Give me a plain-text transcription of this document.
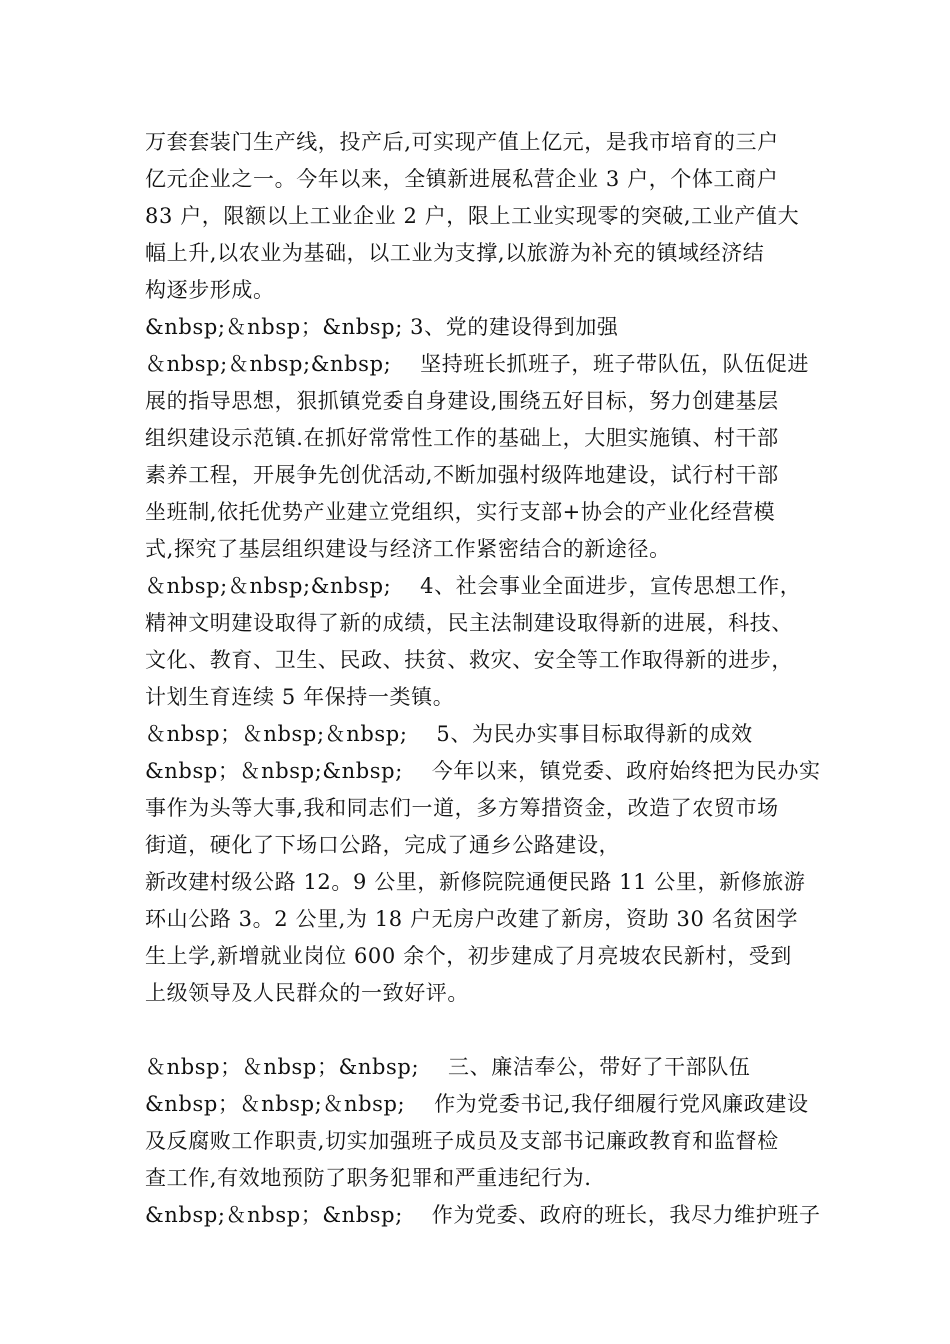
万套套装门生产线，投产后,可实现产值上亿元，是我市培育的三户
亿元企业之一。今年以来，全镇新进展私营企业 3 户，个体工商户
83 户，限额以上工业企业 2 户，限上工业实现零的突破,工业产值大
幅上升,以农业为基础，以工业为支撑,以旅游为补充的镇域经济结
构逐步形成。
&nbsp;＆nbsp；&nbsp; 3、党的建设得到加强
＆nbsp;＆nbsp;&nbsp;　 坚持班长抓班子，班子带队伍，队伍促进
展的指导思想，狠抓镇党委自身建设,围绕五好目标，努力创建基层
组织建设示范镇.在抓好常常性工作的基础上，大胆实施镇、村干部
素养工程，开展争先创优活动,不断加强村级阵地建设，试行村干部
坐班制,依托优势产业建立党组织，实行支部+协会的产业化经营模
式,探究了基层组织建设与经济工作紧密结合的新途径。
＆nbsp;＆nbsp;&nbsp;　 4、社会事业全面进步，宣传思想工作，
精神文明建设取得了新的成绩，民主法制建设取得新的进展，科技、
文化、教育、卫生、民政、扶贫、救灾、安全等工作取得新的进步，
计划生育连续 5 年保持一类镇。
＆nbsp；＆nbsp;＆nbsp;　 5、为民办实事目标取得新的成效
&nbsp；＆nbsp;&nbsp;　 今年以来，镇党委、政府始终把为民办实
事作为头等大事,我和同志们一道，多方筹措资金，改造了农贸市场
街道，硬化了下场口公路，完成了通乡公路建设，
新改建村级公路 12。9 公里，新修院院通便民路 11 公里，新修旅游
环山公路 3。2 公里,为 18 户无房户改建了新房，资助 30 名贫困学
生上学,新增就业岗位 600 余个，初步建成了月亮坡农民新村，受到
上级领导及人民群众的一致好评。
＆nbsp；＆nbsp；&nbsp;　 三、廉洁奉公，带好了干部队伍
&nbsp；＆nbsp;＆nbsp;　 作为党委书记,我仔细履行党风廉政建设
及反腐败工作职责,切实加强班子成员及支部书记廉政教育和监督检
查工作,有效地预防了职务犯罪和严重违纪行为.
&nbsp;＆nbsp；&nbsp;　 作为党委、政府的班长，我尽力维护班子
